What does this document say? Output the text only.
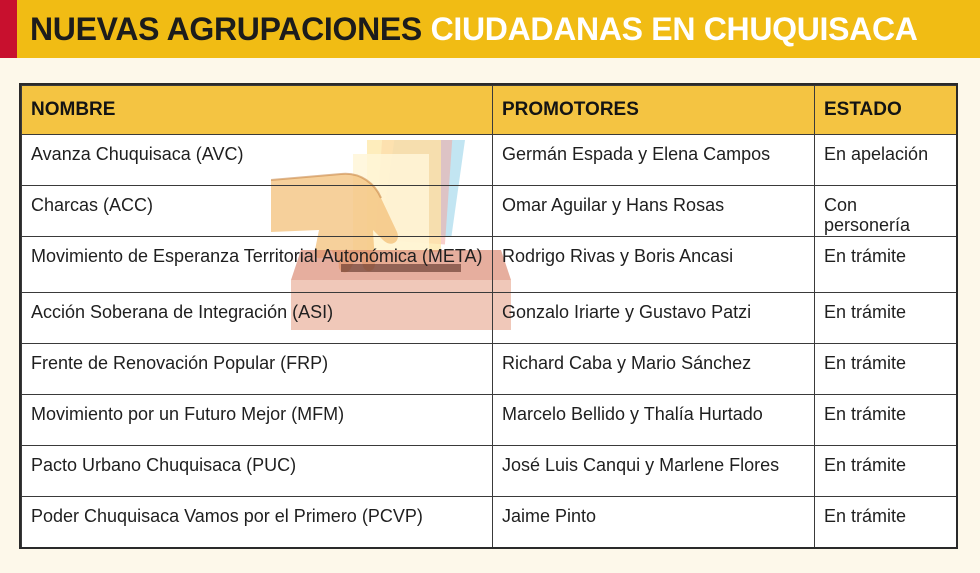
NUEVAS AGRUPACIONES CIUDADANAS EN CHUQUISACA
NOMBRE	PROMOTORES	ESTADO
Avanza Chuquisaca (AVC)	Germán Espada y Elena Campos	En apelación
Charcas (ACC)	Omar Aguilar y Hans Rosas	Con personería
Movimiento de Esperanza Territorial Autonómica (META)	Rodrigo Rivas y Boris Ancasi	En trámite
Acción Soberana de Integración (ASI)	Gonzalo Iriarte y Gustavo Patzi	En trámite
Frente de Renovación Popular (FRP)	Richard Caba y Mario Sánchez	En trámite
Movimiento por un Futuro Mejor (MFM)	Marcelo Bellido y Thalía Hurtado	En trámite
Pacto Urbano Chuquisaca (PUC)	José Luis Canqui y Marlene Flores	En trámite
Poder Chuquisaca Vamos por el Primero (PCVP)	Jaime Pinto	En trámite
